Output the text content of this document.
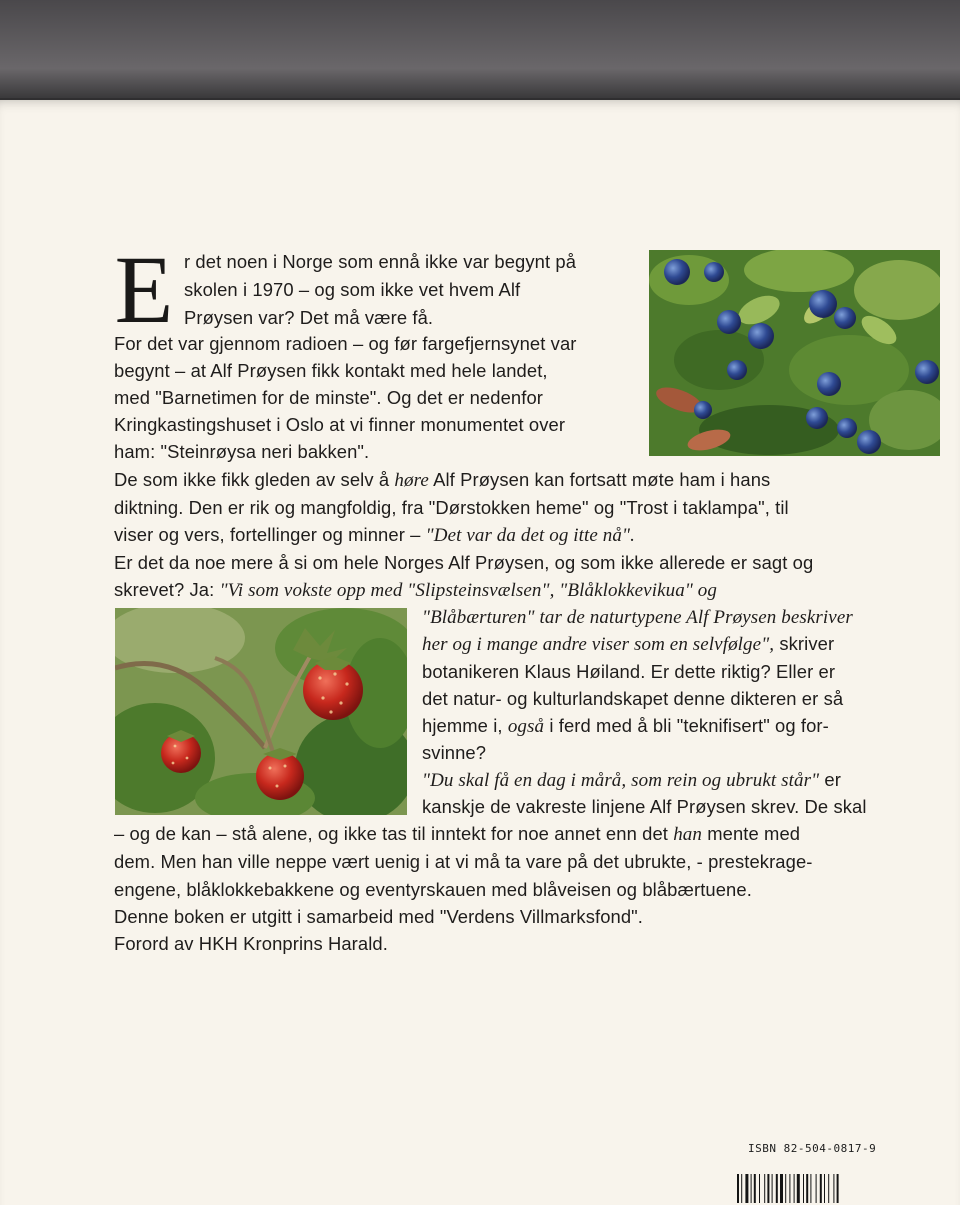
E r det noen i Norge som ennå ikke var begynt på

skolen i 1970 – og som ikke vet hvem Alf

Prøysen var? Det må være få.

For det var gjennom radioen – og før fargefjernsynet var

begynt – at Alf Prøysen fikk kontakt med hele landet,

med "Barnetimen for de minste". Og det er nedenfor

Kringkastingshuset i Oslo at vi finner monumentet over

ham: "Steinrøysa neri bakken".

De som ikke fikk gleden av selv å høre Alf Prøysen kan fortsatt møte ham i hans

diktning. Den er rik og mangfoldig, fra "Dørstokken heme" og "Trost i taklampa", til

viser og vers, fortellinger og minner – "Det var da det og itte nå".

Er det da noe mere å si om hele Norges Alf Prøysen, og som ikke allerede er sagt og

skrevet? Ja: "Vi som vokste opp med "Slipsteinsvælsen", "Blåklokkevikua" og

"Blåbærturen" tar de naturtypene Alf Prøysen beskriver

her og i mange andre viser som en selvfølge", skriver

botanikeren Klaus Høiland. Er dette riktig? Eller er

det natur- og kulturlandskapet denne dikteren er så

hjemme i, også i ferd med å bli "teknifisert" og for-

svinne?

"Du skal få en dag i mårå, som rein og ubrukt står" er

kanskje de vakreste linjene Alf Prøysen skrev. De skal

– og de kan – stå alene, og ikke tas til inntekt for noe annet enn det han mente med

dem. Men han ville neppe vært uenig i at vi må ta vare på det ubrukte, - prestekrage-

engene, blåklokkebakkene og eventyrskauen med blåveisen og blåbærtuene.

Denne boken er utgitt i samarbeid med "Verdens Villmarksfond".

Forord av HKH Kronprins Harald.

ISBN 82-504-0817-9
